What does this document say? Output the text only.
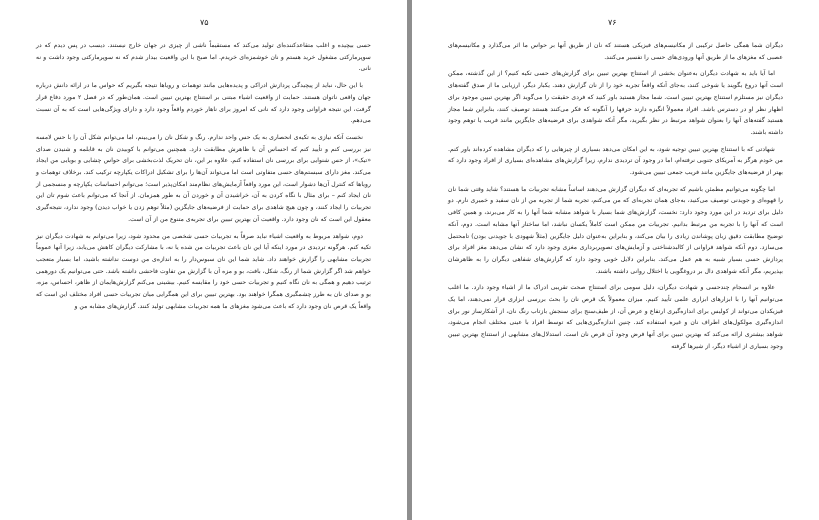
۷۵

حسی بیچیده و اغلب متقاعدکننده‌ای تولید می‌کند که مستقیماً ناشی از چیزی در جهان خارج نیستند. دیسب در پس دیدم که در سوپرمارکتی مشغول خرید هستم و نان خوشمزه‌ای خریدم. اما صبح با این واقعیت بیدار شدم که نه سوپرمارکتی وجود داشت و نه نانی.

با این حال، نباید از پیچیدگی پردازش ادراکی و پدیده‌هایی مانند توهمات و رویاها نتیجه بگیریم که حواس ما در ارائه دانش درباره جهان واقعی ناتوان هستند. حمایت از واقعیت اشیاء مبتنی بر استنتاج بهترین تبیین است. همان‌طور که در فصل ۲ مورد دفاع قرار گرفت، این نتیجه فراوانی وجود دارد که نانی که امروز برای ناهار خوردم واقعاً وجود دارد و دارای ویژگی‌هایی است که به آن نسبت می‌دهم.

نخست آنکه نیازی به تکیه‌ی انحصاری به یک حس واحد ندارم. رنگ و شکل نان را می‌بینم، اما می‌توانم شکل آن را با حس لامسه نیز بررسی کنم و تأیید کنم که احساس آن با ظاهرش مطابقت دارد. همچنین می‌توانم با کوبیدن نان به قابلمه و شنیدن صدای «تیک»، از حس شنوایی برای بررسی نان استفاده کنم. علاوه بر این، نان تحریک لذت‌بخشی برای حواس چشایی و بویایی من ایجاد می‌کند. مغز دارای سیستم‌های حسی متفاوتی است اما می‌تواند آن‌ها را برای تشکیل ادراکات یکپارچه ترکیب کند. برخلاف توهمات و رویاها که کنترل آن‌ها دشوار است، این مورد واقعاً ‌آزمایش‌های نظام‌مند امکان‌پذیر است؛ می‌توانم احساسات یکپارچه و منسجمی از نان ایجاد کنم – برای مثال با نگاه کردن به آن، خراشیدن آن و خوردن آن به طور همزمان. از آنجا که می‌توانم باعث شوم تان این تجربیات را ایجاد کنند، و چون هیچ شاهدی برای حمایت از فرضیه‌های جایگزین (مثلاً توهم زدن یا خواب دیدن) وجود ندارد، نتیجه‌گیری معقول این است که نان وجود دارد. واقعیت آن بهترین تبیین برای تجربه‌ی متنوع من از آن است.

دوم، شواهد مربوط به واقعیت اشیاء نباید صرفاً به تجربیات حسی شخصی من محدود شود، زیرا می‌توانم به شهادت دیگران نیز تکیه کنم. هرگونه تردیدی در مورد اینکه آیا این نان باعث تجربیات من شده یا نه، با مشارکت دیگران کاهش می‌یابد، زیرا آنها عموماً تجربیات مشابهی را گزارش خواهند داد. شاید شما این نان سبوس‌دار را به اندازه‌ی من دوست نداشته باشید، اما بسیار متعجب خواهم شد اگر گزارش شما از رنگ، شکل، بافت، بو و مزه آن با گزارش من تفاوت فاحشی داشته باشد. حتی می‌توانیم یک دورهمی ترتیب دهیم و همگی به نان نگاه کنیم و تجربیات حسی خود را مقایسه کنیم. بیشینی می‌کنم گزارش‌هایمان از ظاهر، احساس، مزه، بو و صدای نان به طرز چشمگیری همگرا خواهند بود. بهترین تبیین برای این همگرایی میان تجربیات حسی افراد مختلف این است که واقعاً یک قرص نان وجود دارد که باعث می‌شود مغزهای ما همه تجربیات مشابهی تولید کنند. گزارش‌های مشابه من و

۷۶

دیگران شما همگی حاصل ترکیبی از مکانیسم‌های فیزیکی هستند که نان از طریق آنها بر حواس ما اثر می‌گذارد و مکانیسم‌های عصبی که مغزهای ما از طریق آنها ورودی‌های حسی را تفسیر می‌کنند.

اما آیا باید به شهادت دیگران به‌عنوان بخشی از استنتاج بهترین تبیین برای گزارش‌های حسی تکیه کنیم؟ از این گذشته، ممکن است آنها دروغ بگویند یا شوخی کنند، به‌جای آنکه واقعاً تجربه خود را از نان گزارش دهند. یکبار دیگر، ارزیابی ما از صدق گفته‌های دیگران نیز مستلزم استنتاج بهترین تبیین است. شما مجاز هستید باور کنید که فردی حقیقت را می‌گوید اگر بهترین تبیین موجود برای اظهار نظر او در دسترس باشد. افراد معمولاً انگیزه دارند حرفها را آنگونه که فکر می‌کنند هستند توصیف کنند، بنابراین شما مجاز هستید گفته‌های آنها را بعنوان شواهد مرتبط در نظر بگیرید، مگر آنکه شواهدی برای فرضیه‌های جایگزین مانند فریب یا توهم وجود داشته باشند.

شهادتی که با استنتاج بهترین تبیین توجیه شود، به این امکان می‌دهد بسیاری از چیزهایی را که دیگران مشاهده کرده‌اند باور کنم. من خودم هرگز به آمریکای جنوبی نرفته‌ام، اما در وجود آن تردیدی ندارم، زیرا گزارش‌های مشاهده‌ای بسیاری از افراد وجود دارد که بهتر از فرضیه‌های جایگزین مانند فریب جمعی تبیین می‌شود.

اما چگونه می‌توانیم مطمئن باشیم که تجربه‌ای که دیگران گزارش می‌دهند اساساً مشابه تجربیات ما هستند؟ شاید وقتی شما نان را قهوه‌ای و جویدنی توصیف می‌کنید، به‌جای همان تجربه‌ای که من می‌کنم، تجربه شما از تجربه من از نان سفید و خمیری نارم. دو دلیل برای تردید در این مورد وجود دارد: نخست، گزارش‌های شما بسیار با شواهد مشابه شما آنها را به کار می‌برند، و همین کافی است که آنها را با تجربه من مرتبط بدانیم. تجربیات من ممکن است کاملاً یکسان نباشد، اما ساختار آنها مشابه است. دوم، آنکه توضیح مطابقت دقیق زبان پوشاندن زیادی را بیان می‌کند، و بنابراین به‌عنوان دلیل جایگزین (مثلاً شهودی با جویدنی بودن) تامحتمل می‌سازد. دوم آنکه شواهد فراوانی از کالبدشناختی و آزمایش‌های تصویربرداری مغزی وجود دارد که نشان می‌دهد مغز افراد برای پردازش حسی بسیار شبیه به هم عمل می‌کند. بنابراین دلایل خوبی وجود دارد که گزارش‌های شفاهی دیگران را به ظاهرشان بپذیریم، مگر آنکه شواهدی دال بر دروغگویی یا اختلال روانی داشته باشند.

علاوه بر انسجام چندحسی و شهادت دیگران، دلیل سومی برای استنتاج صحت تقریبی ادراک ما از اشیاء وجود دارد. ما اغلب می‌توانیم آنها را با ابزارهای ابزاری علمی تأیید کنیم. میزان معمولاً یک قرص نان را بحث بررسی ابزاری قرار نمی‌دهند، اما یک فیزیکدان می‌تواند از کولیس برای اندازه‌گیری ارتفاع و عرض آن، از طیف‌سنج برای سنجش بازتاب رنگ نان، از آشکارساز نور برای اندازه‌گیری مولکول‌های اطراف نان و غیره استفاده کند. چنین اندازه‌گیری‌هایی که توسط افراد با عینی مختلف انجام می‌شود، شواهد بیشتری ارائه می‌کند که بهترین تبیین برای آنها فرض وجود آن قرص نان است. استدلال‌های مشابهی از استنتاج بهترین تبیین وجود بسیاری از اشیاء دیگر، از شیرها گرفته
